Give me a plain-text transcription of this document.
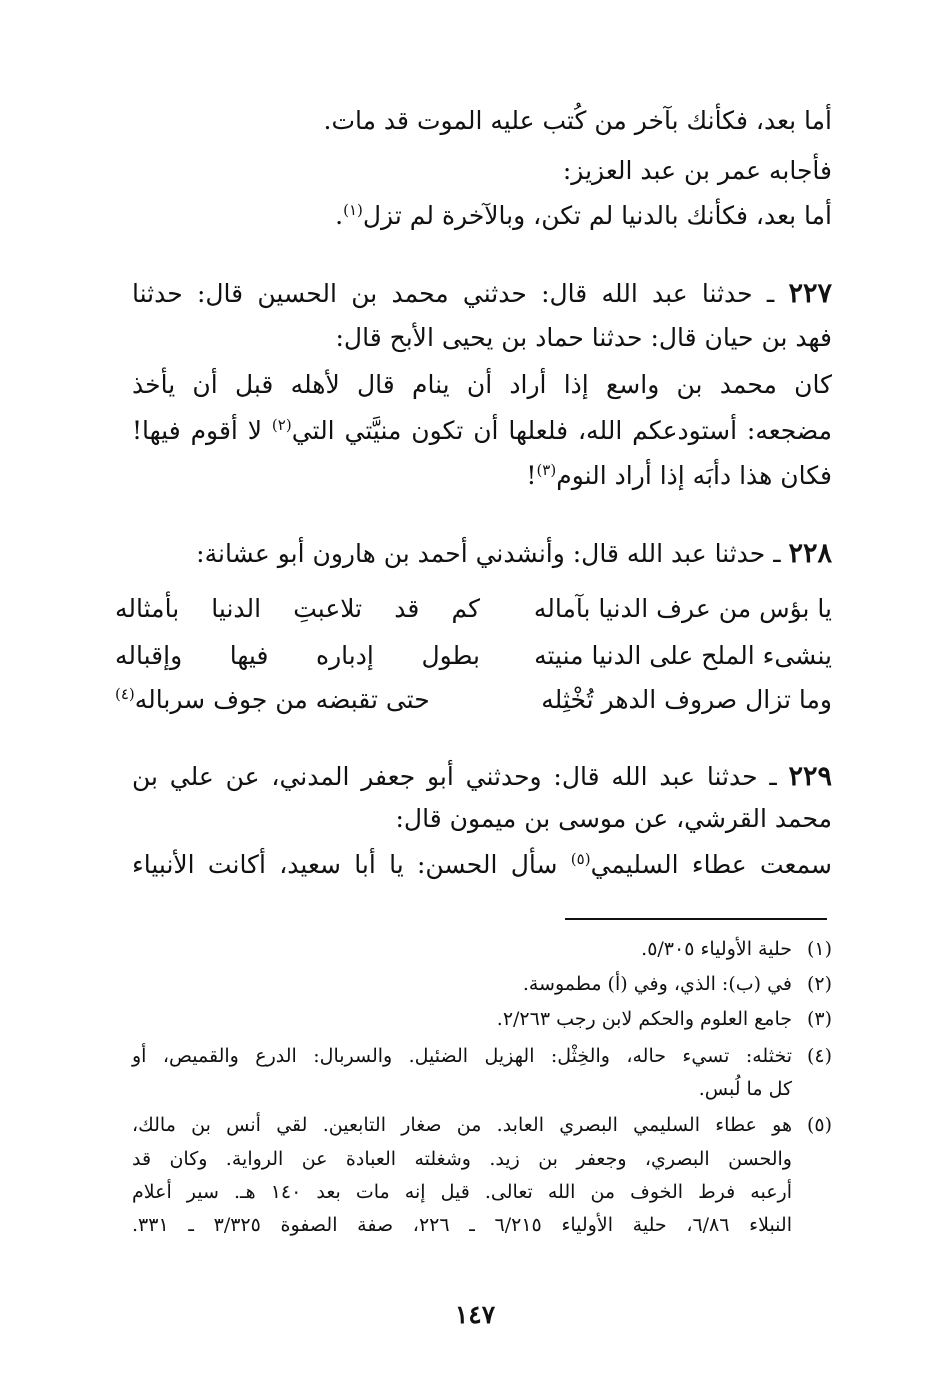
أما بعد، فكأنك بآخر من كُتب عليه الموت قد مات.
فأجابه عمر بن عبد العزيز:
أما بعد، فكأنك بالدنيا لم تكن، وبالآخرة لم تزل$^{(١)}$.
٢٢٧ ـ حدثنا عبد الله قال: حدثني محمد بن الحسين قال: حدثنا
فهد بن حيان قال: حدثنا حماد بن يحيى الأبح قال:
كان محمد بن واسع إذا أراد أن ينام قال لأهله قبل أن يأخذ
مضجعه: أستودعكم الله، فلعلها أن تكون منيَّتي التي$^{(٢)}$ لا أقوم فيها!
فكان هذا دأبَه إذا أراد النوم$^{(٣)}$!
٢٢٨ ـ حدثنا عبد الله قال: وأنشدني أحمد بن هارون أبو عشانة:
يا بؤس من عرف الدنيا بآماله
كم قد تلاعبتِ الدنيا بأمثاله
ينشىء الملح على الدنيا منيته
بطول إدباره فيها وإقباله
وما تزال صروف الدهر تُخْثِله
حتى تقبضه من جوف سرباله$^{(٤)}$
٢٢٩ ـ حدثنا عبد الله قال: وحدثني أبو جعفر المدني، عن علي بن
محمد القرشي، عن موسى بن ميمون قال:
سمعت عطاء السليمي$^{(٥)}$ سأل الحسن: يا أبا سعيد، أكانت الأنبياء
(١)
حلية الأولياء ٥/٣٠٥.
(٢)
في (ب): الذي، وفي (أ) مطموسة.
(٣)
جامع العلوم والحكم لابن رجب ٢/٢٦٣.
(٤)
تخثله: تسيء حاله، والخِثْل: الهزيل الضئيل. والسربال: الدرع والقميص، أو
كل ما لُبس.
(٥)
هو عطاء السليمي البصري العابد. من صغار التابعين. لقي أنس بن مالك،
والحسن البصري، وجعفر بن زيد. وشغلته العبادة عن الرواية. وكان قد
أرعبه فرط الخوف من الله تعالى. قيل إنه مات بعد ١٤٠ هـ. سير أعلام
النبلاء ٦/٨٦، حلية الأولياء ٦/٢١٥ ـ ٢٢٦، صفة الصفوة ٣/٣٢٥ ـ ٣٣١.
١٤٧
